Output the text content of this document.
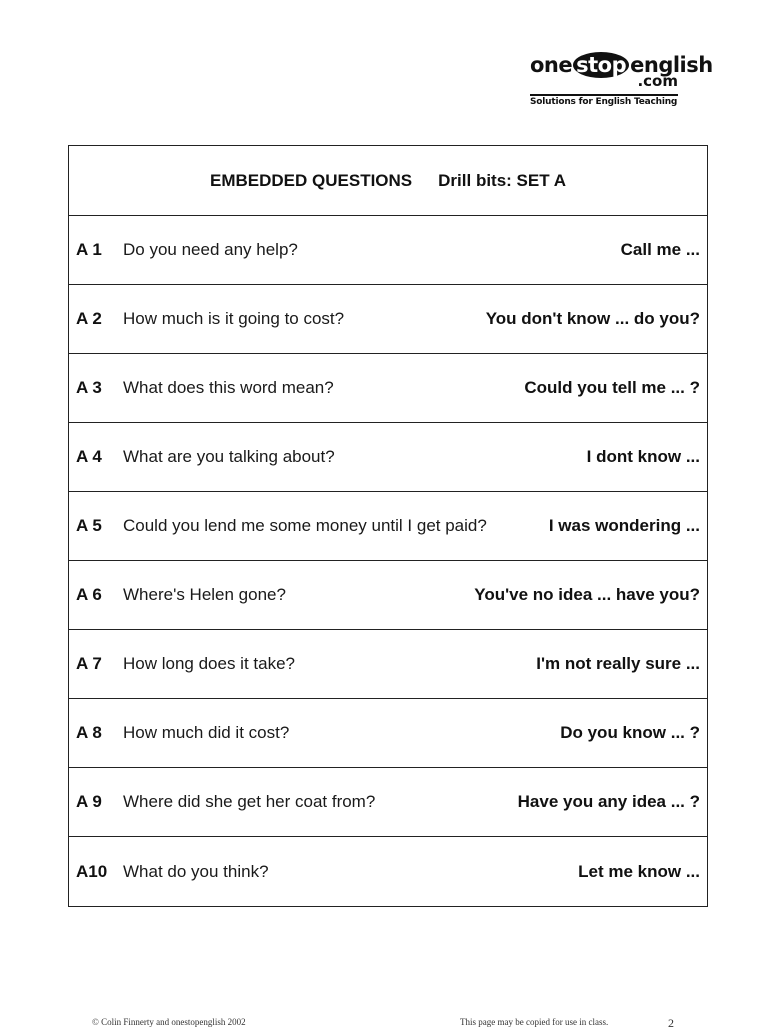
one stop english
.com
Solutions for English Teaching
EMBEDDED QUESTIONS Drill bits: SET A
A 1	Do you need any help?	Call me ...
A 2	How much is it going to cost?	You don't know ... do you?
A 3	What does this word mean?	Could you tell me ... ?
A 4	What are you talking about?	I dont know ...
A 5	Could you lend me some money until I get paid?	I was wondering ...
A 6	Where's Helen gone?	You've no idea ... have you?
A 7	How long does it take?	I'm not really sure ...
A 8	How much did it cost?	Do you know ... ?
A 9	Where did she get her coat from?	Have you any idea ... ?
A10 What do you think?	Let me know ...
© Colin Finnerty and onestopenglish 2002	This page may be copied for use in class.	2
